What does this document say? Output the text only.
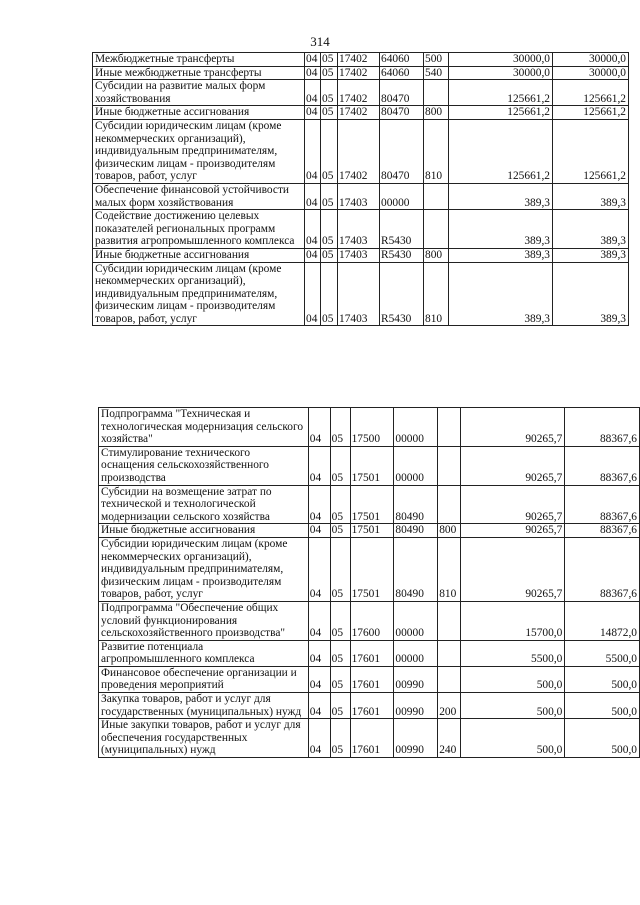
314
Межбюджетные трансферты	04	05	17402	64060	500	30000,0	30000,0
Иные межбюджетные трансферты	04	05	17402	64060	540	30000,0	30000,0
Субсидии на развитие малых форм хозяйствования	04	05	17402	80470		125661,2	125661,2
Иные бюджетные ассигнования	04	05	17402	80470	800	125661,2	125661,2
Субсидии юридическим лицам (кроме некоммерческих организаций), индивидуальным предпринимателям, физическим лицам - производителям товаров, работ, услуг	04	05	17402	80470	810	125661,2	125661,2
Обеспечение финансовой устойчивости малых форм хозяйствования	04	05	17403	00000		389,3	389,3
Содействие достижению целевых показателей региональных программ развития агропромышленного комплекса	04	05	17403	R5430		389,3	389,3
Иные бюджетные ассигнования	04	05	17403	R5430	800	389,3	389,3
Субсидии юридическим лицам (кроме некоммерческих организаций), индивидуальным предпринимателям, физическим лицам - производителям товаров, работ, услуг	04	05	17403	R5430	810	389,3	389,3
Подпрограмма "Техническая и технологическая модернизация сельского хозяйства"	04	05	17500	00000		90265,7	88367,6
Стимулирование технического оснащения сельскохозяйственного производства	04	05	17501	00000		90265,7	88367,6
Субсидии на возмещение затрат по технической и технологической модернизации сельского хозяйства	04	05	17501	80490		90265,7	88367,6
Иные бюджетные ассигнования	04	05	17501	80490	800	90265,7	88367,6
Субсидии юридическим лицам (кроме некоммерческих организаций), индивидуальным предпринимателям, физическим лицам - производителям товаров, работ, услуг	04	05	17501	80490	810	90265,7	88367,6
Подпрограмма "Обеспечение общих условий функционирования сельскохозяйственного производства"	04	05	17600	00000		15700,0	14872,0
Развитие потенциала агропромышленного комплекса	04	05	17601	00000		5500,0	5500,0
Финансовое обеспечение организации и проведения мероприятий	04	05	17601	00990		500,0	500,0
Закупка товаров, работ и услуг для государственных (муниципальных) нужд	04	05	17601	00990	200	500,0	500,0
Иные закупки товаров, работ и услуг для обеспечения государственных (муниципальных) нужд	04	05	17601	00990	240	500,0	500,0
